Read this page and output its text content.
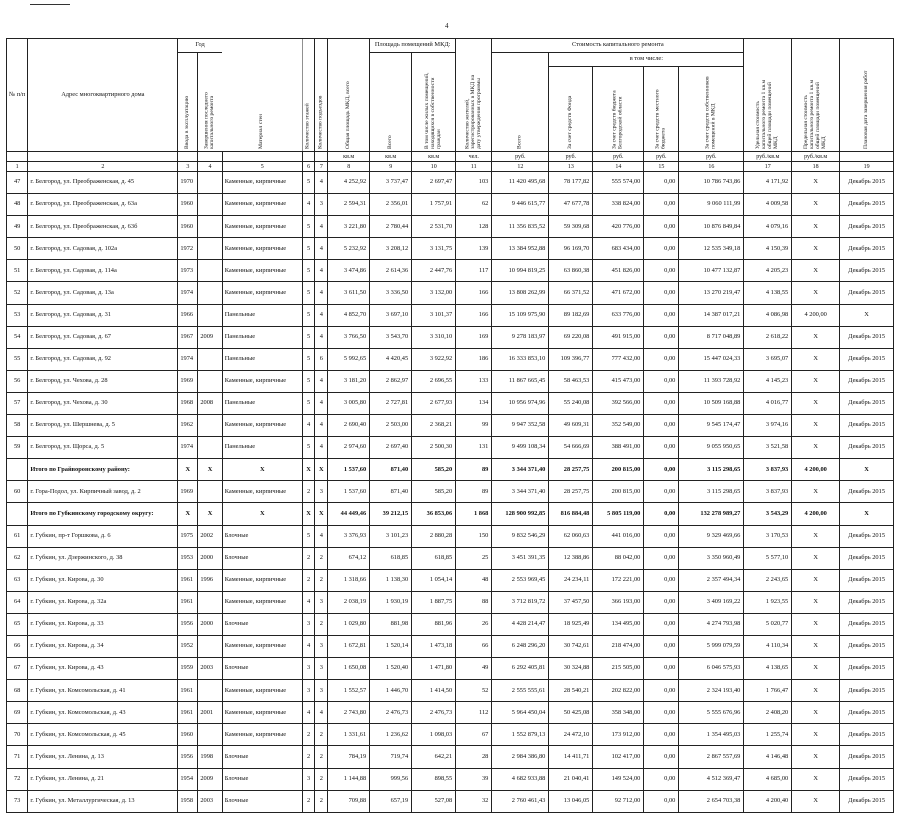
4
№ п/п	Адрес многоквартирного дома	Год		Материал стен	Количество этажей	Количество подъездов	Общая площадь МКД, всего	Площадь помещений МКД:		Количество жителей, зарегистрированных в МКД на дату утверждения программы	Стоимость капитального ремонта					Удельная стоимость капитального ремонта 1 кв.м общей площади помещений МКД	Предельная стоимость капитального ремонта 1 кв.м общей площади помещений МКД	Плановая дата завершения работ
		Ввода в эксплуатацию	Завершения последнего капитального ремонта					Всего	В том числе жилых помещений, находящихся в собственности граждан		Всего	в том числе:						
												За счет средств Фонда	За счет средств бюджета Белгородской области	За счет средств местного бюджета	За счет средств собственников помещений в МКД			
							кв.м	кв.м	кв.м	чел.	руб.	руб.	руб.	руб.	руб.	руб./кв.м	руб./кв.м	
1	2	3	4	5	6	7	8	9	10	11	12	13	14	15	16	17	18	19
47	г. Белгород, ул. Преображенская, д. 45	1970		Каменные, кирпичные	5	4	4 252,92	3 737,47	2 697,47	103	11 420 495,68	78 177,82	555 574,00	0,00	10 786 743,86	4 171,92	X	Декабрь 2015
48	г. Белгород, ул. Преображенская, д. 63а	1960		Каменные, кирпичные	4	3	2 594,31	2 356,01	1 757,91	62	9 446 615,77	47 677,78	338 824,00	0,00	9 060 111,99	4 009,58	X	Декабрь 2015
49	г. Белгород, ул. Преображенская, д. 63б	1960		Каменные, кирпичные	5	4	3 221,80	2 780,44	2 531,70	128	11 356 835,52	59 309,68	420 776,00	0,00	10 876 849,84	4 079,16	X	Декабрь 2015
50	г. Белгород, ул. Садовая, д. 102а	1972		Каменные, кирпичные	5	4	5 232,92	3 208,12	3 131,75	139	13 384 952,88	96 169,70	683 434,00	0,00	12 535 349,18	4 150,39	X	Декабрь 2015
51	г. Белгород, ул. Садовая, д. 114а	1973		Каменные, кирпичные	5	4	3 474,86	2 614,36	2 447,76	117	10 994 819,25	63 860,38	451 826,00	0,00	10 477 132,87	4 205,23	X	Декабрь 2015
52	г. Белгород, ул. Садовая, д. 13а	1974		Каменные, кирпичные	5	4	3 611,50	3 336,50	3 132,00	166	13 808 262,99	66 371,52	471 672,00	0,00	13 270 219,47	4 138,55	X	Декабрь 2015
53	г. Белгород, ул. Садовая, д. 31	1966		Панельные	5	4	4 852,70	3 697,10	3 101,37	166	15 109 975,90	89 182,69	633 776,00	0,00	14 387 017,21	4 086,98	4 200,00	X
54	г. Белгород, ул. Садовая, д. 67	1967	2009	Панельные	5	4	3 766,50	3 543,70	3 310,10	169	9 278 183,97	69 220,08	491 915,00	0,00	8 717 048,89	2 618,22	X	Декабрь 2015
55	г. Белгород, ул. Садовая, д. 92	1974		Панельные	5	6	5 992,65	4 420,45	3 922,92	186	16 333 853,10	109 396,77	777 432,00	0,00	15 447 024,33	3 695,07	X	Декабрь 2015
56	г. Белгород, ул. Чехова, д. 28	1969		Каменные, кирпичные	5	4	3 181,20	2 862,97	2 696,55	133	11 867 665,45	58 463,53	415 473,00	0,00	11 393 728,92	4 145,23	X	Декабрь 2015
57	г. Белгород, ул. Чехова, д. 30	1968	2008	Панельные	5	4	3 005,80	2 727,81	2 677,93	134	10 956 974,96	55 240,08	392 566,00	0,00	10 509 168,88	4 016,77	X	Декабрь 2015
58	г. Белгород, ул. Шершнева, д. 5	1962		Каменные, кирпичные	4	4	2 690,40	2 503,00	2 368,21	99	9 947 352,58	49 609,31	352 549,00	0,00	9 545 174,47	3 974,16	X	Декабрь 2015
59	г. Белгород, ул. Щорса, д. 5	1974		Панельные	5	4	2 974,60	2 697,40	2 500,30	131	9 499 108,34	54 666,69	388 491,00	0,00	9 055 950,65	3 521,58	X	Декабрь 2015
	Итого по Грайворонскому району:	X	X	X	X	X	1 537,60	871,40	585,20	89	3 344 371,40	28 257,75	200 815,00	0,00	3 115 298,65	3 837,93	4 200,00	X
60	г. Гора-Подол, ул. Кирпичный завод, д. 2	1969		Каменные, кирпичные	2	3	1 537,60	871,40	585,20	89	3 344 371,40	28 257,75	200 815,00	0,00	3 115 298,65	3 837,93	X	Декабрь 2015
	Итого по Губкинскому городскому округу:	X	X	X	X	X	44 449,46	39 212,15	36 853,06	1 868	128 900 992,85	816 884,48	5 805 119,00	0,00	132 278 989,27	3 543,29	4 200,00	X
61	г. Губкин, пр-т Горшкова, д. 6	1975	2002	Блочные	5	4	3 376,93	3 101,23	2 880,28	150	9 832 546,29	62 060,63	441 016,00	0,00	9 329 469,66	3 170,53	X	Декабрь 2015
62	г. Губкин, ул. Дзержинского, д. 38	1953	2000	Блочные	2	2	674,12	618,85	618,85	25	3 451 391,35	12 388,86	88 042,00	0,00	3 350 960,49	5 577,10	X	Декабрь 2015
63	г. Губкин, ул. Кирова, д. 30	1961	1996	Каменные, кирпичные	2	2	1 318,66	1 138,30	1 054,14	48	2 553 969,45	24 234,11	172 221,00	0,00	2 357 494,34	2 243,65	X	Декабрь 2015
64	г. Губкин, ул. Кирова, д. 32а	1961		Каменные, кирпичные	4	3	2 038,19	1 930,19	1 887,75	88	3 712 819,72	37 457,50	366 193,00	0,00	3 409 169,22	1 923,55	X	Декабрь 2015
65	г. Губкин, ул. Кирова, д. 33	1956	2000	Блочные	3	2	1 029,80	881,98	881,96	26	4 428 214,47	18 925,49	134 495,00	0,00	4 274 793,98	5 020,77	X	Декабрь 2015
66	г. Губкин, ул. Кирова, д. 34	1952		Каменные, кирпичные	4	3	1 672,81	1 520,14	1 473,18	66	6 248 296,20	30 742,61	218 474,00	0,00	5 999 079,59	4 110,34	X	Декабрь 2015
67	г. Губкин, ул. Кирова, д. 43	1959	2003	Блочные	3	3	1 650,08	1 520,40	1 471,80	49	6 292 405,81	30 324,88	215 505,00	0,00	6 046 575,93	4 138,65	X	Декабрь 2015
68	г. Губкин, ул. Комсомольская, д. 41	1961		Каменные, кирпичные	3	3	1 552,57	1 446,70	1 414,50	52	2 555 555,61	28 540,21	202 822,00	0,00	2 324 193,40	1 766,47	X	Декабрь 2015
69	г. Губкин, ул. Комсомольская, д. 43	1961	2001	Каменные, кирпичные	4	4	2 743,80	2 476,73	2 476,73	112	5 964 450,04	50 425,08	358 348,00	0,00	5 555 676,96	2 408,20	X	Декабрь 2015
70	г. Губкин, ул. Комсомольская, д. 45	1960		Каменные, кирпичные	2	2	1 331,61	1 236,62	1 098,03	67	1 552 879,13	24 472,10	173 912,00	0,00	1 354 495,03	1 255,74	X	Декабрь 2015
71	г. Губкин, ул. Ленина, д. 13	1956	1998	Блочные	2	2	784,19	719,74	642,21	28	2 984 386,80	14 411,71	102 417,00	0,00	2 867 557,69	4 146,48	X	Декабрь 2015
72	г. Губкин, ул. Ленина, д. 21	1954	2009	Блочные	3	2	1 144,88	999,56	898,55	39	4 682 933,88	21 040,41	149 524,00	0,00	4 512 369,47	4 685,00	X	Декабрь 2015
73	г. Губкин, ул. Металлургическая, д. 13	1958	2003	Блочные	2	2	709,88	657,19	527,08	32	2 760 461,43	13 046,05	92 712,00	0,00	2 654 703,38	4 200,40	X	Декабрь 2015
